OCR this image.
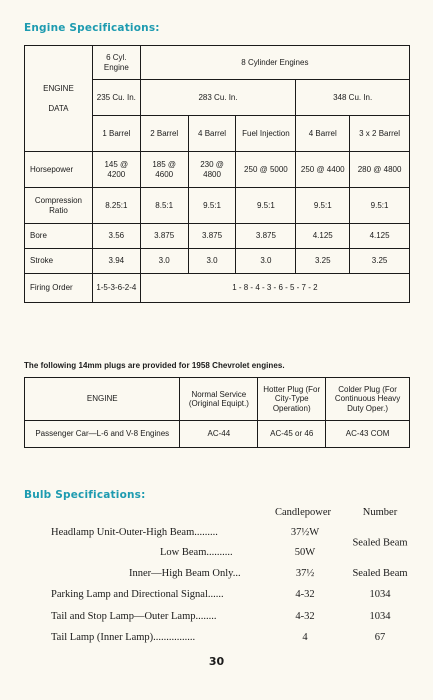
Engine Specifications:
ENGINE
DATA	6 Cyl. Engine	8 Cylinder Engines				
	235 Cu. In.	283 Cu. In.			348 Cu. In.	
	1 Barrel	2 Barrel	4 Barrel	Fuel Injection	4 Barrel	3 x 2 Barrel
Horsepower	145 @ 4200	185 @ 4600	230 @ 4800	250 @ 5000	250 @ 4400	280 @ 4800
Compression Ratio	8.25:1	8.5:1	9.5:1	9.5:1	9.5:1	9.5:1
Bore	3.56	3.875	3.875	3.875	4.125	4.125
Stroke	3.94	3.0	3.0	3.0	3.25	3.25
Firing Order	1-5-3-6-2-4	1 - 8 - 4 - 3 - 6 - 5 - 7 - 2				
The following 14mm plugs are provided for 1958 Chevrolet engines.
ENGINE	Normal Service (Original Equipt.)	Hotter Plug (For City-Type Operation)	Colder Plug (For Continuous Heavy Duty Oper.)
Passenger Car—L-6 and V-8 Engines	AC-44	AC-45 or 46	AC-43 COM
Bulb Specifications:
Candlepower	Number
Headlamp Unit-Outer-High Beam.........	37½W
Low Beam..........	50W
Sealed Beam
Inner—High Beam Only...	37½	Sealed Beam
Parking Lamp and Directional Signal......	4-32	1034
Tail and Stop Lamp—Outer Lamp........	4-32	1034
Tail Lamp (Inner Lamp)................	4	67
30
